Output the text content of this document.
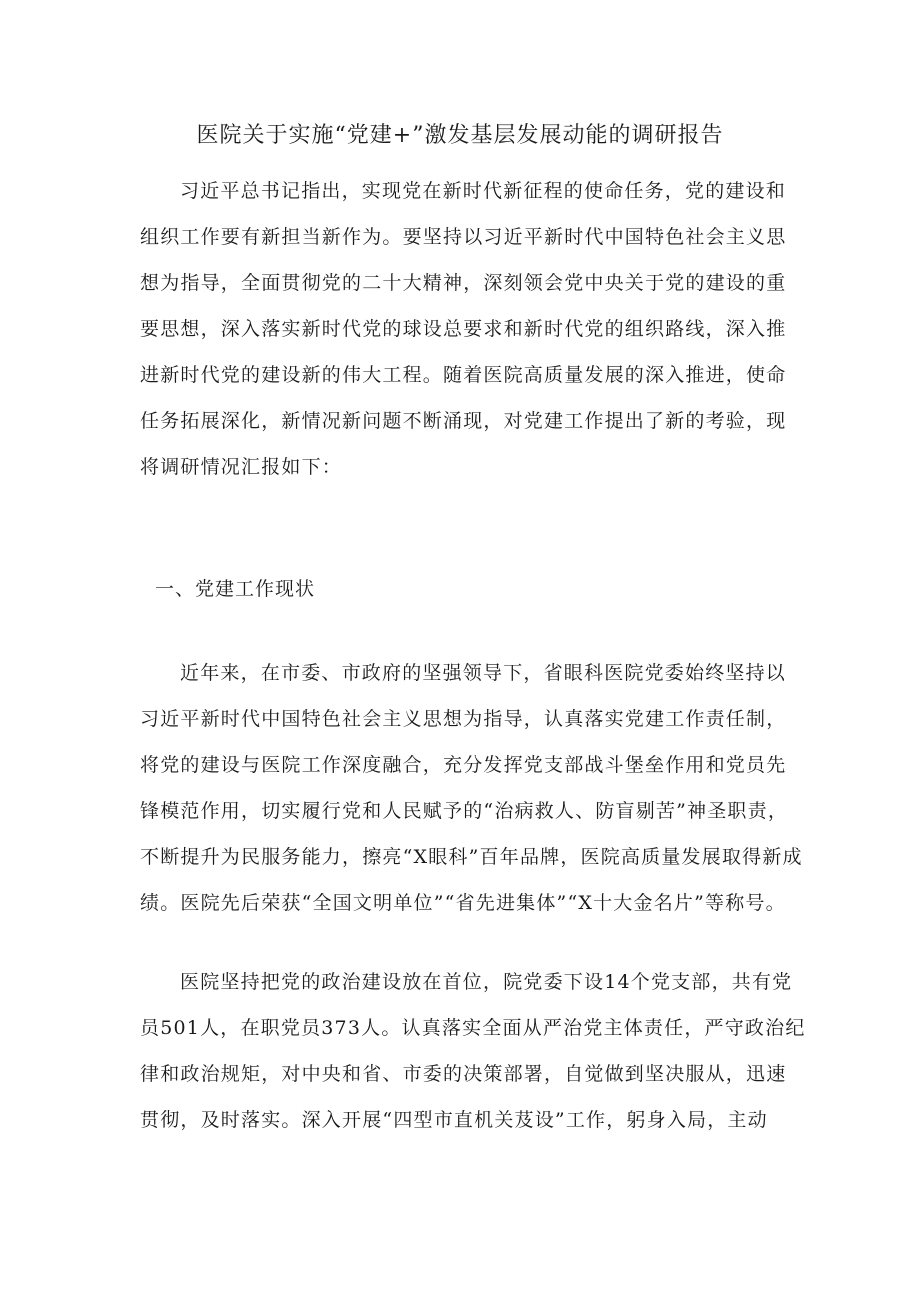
医院关于实施“党建+”激发基层发展动能的调研报告
习近平总书记指出，实现党在新时代新征程的使命任务，党的建设和
组织工作要有新担当新作为。要坚持以习近平新时代中国特色社会主义思
想为指导，全面贯彻党的二十大精神，深刻领会党中央关于党的建设的重
要思想，深入落实新时代党的球设总要求和新时代党的组织路线，深入推
进新时代党的建设新的伟大工程。随着医院高质量发展的深入推进，使命
任务拓展深化，新情况新问题不断涌现，对党建工作提出了新的考验，现
将调研情况汇报如下：
一、党建工作现状
近年来，在市委、市政府的坚强领导下，省眼科医院党委始终坚持以
习近平新时代中国特色社会主义思想为指导，认真落实党建工作责任制，
将党的建设与医院工作深度融合，充分发挥党支部战斗堡垒作用和党员先
锋模范作用，切实履行党和人民赋予的“治病救人、防盲剔苦”神圣职责，
不断提升为民服务能力，擦亮“X眼科”百年品牌，医院高质量发展取得新成
绩。医院先后荣获“全国文明单位”“省先进集体”“X十大金名片”等称号。
医院坚持把党的政治建设放在首位，院党委下设14个党支部，共有党
员501人，在职党员373人。认真落实全面从严治党主体责任，严守政治纪
律和政治规矩，对中央和省、市委的决策部署，自觉做到坚决服从，迅速
贯彻，及时落实。深入开展“四型市直机关芨设”工作，躬身入局，主动
